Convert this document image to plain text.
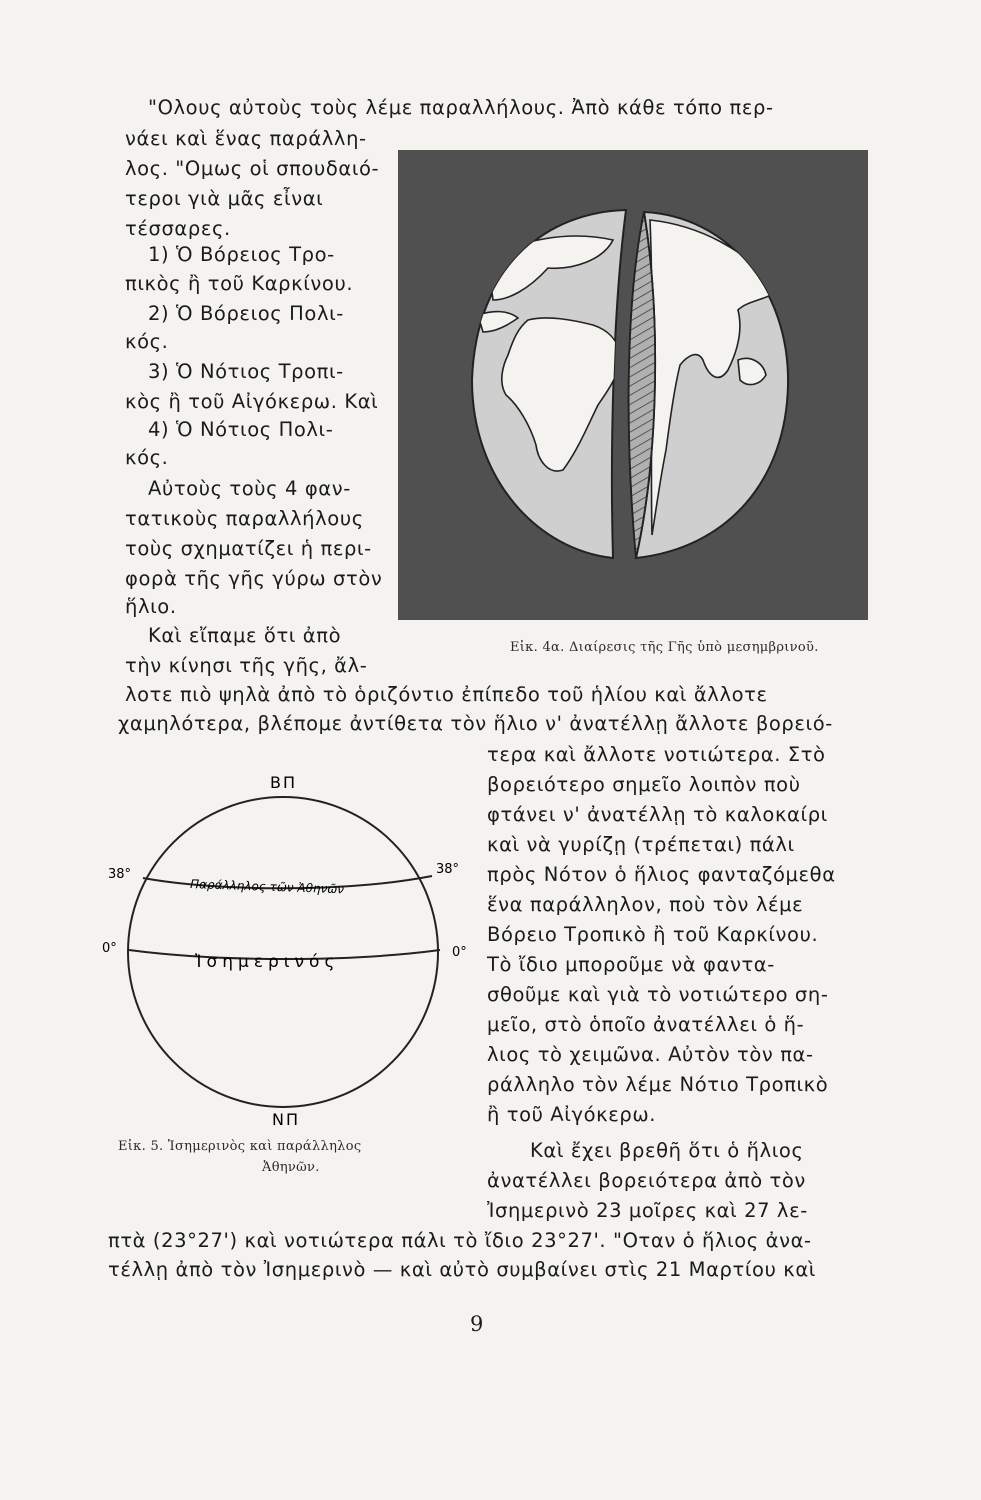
"Ολους αὐτοὺς τοὺς λέμε παραλλήλους. Ἀπὸ κάθε τόπο περ-
νάει καὶ ἕνας παράλλη-
λος. "Ομως οἱ σπουδαιό-
τεροι γιὰ μᾶς εἶναι
τέσσαρες.
1) Ὁ Βόρειος Τρο-
πικὸς ἢ τοῦ Καρκίνου.
2) Ὁ Βόρειος Πολι-
κός.
3) Ὁ Νότιος Τροπι-
κὸς ἢ τοῦ Αἰγόκερω. Καὶ
4) Ὁ Νότιος Πολι-
κός.
Αὐτοὺς τοὺς 4 φαν-
τατικοὺς παραλλήλους
τοὺς σχηματίζει ἡ περι-
φορὰ τῆς γῆς γύρω στὸν
ἥλιο.
Καὶ εἴπαμε ὅτι ἀπὸ
τὴν κίνησι τῆς γῆς, ἄλ-
Εἰκ. 4α. Διαίρεσις τῆς Γῆς ὑπὸ μεσημβρινοῦ.
λοτε πιὸ ψηλὰ ἀπὸ τὸ ὁριζόντιο ἐπίπεδο τοῦ ἡλίου καὶ ἄλλοτε
χαμηλότερα, βλέπομε ἀντίθετα τὸν ἥλιο ν' ἀνατέλλῃ ἄλλοτε βορειό-
τερα καὶ ἄλλοτε νοτιώτερα. Στὸ
βορειότερο σημεῖο λοιπὸν ποὺ
φτάνει ν' ἀνατέλλῃ τὸ καλοκαίρι
καὶ νὰ γυρίζῃ (τρέπεται) πάλι
πρὸς Νότον ὁ ἥλιος φανταζόμεθα
ἕνα παράλληλον, ποὺ τὸν λέμε
Βόρειο Τροπικὸ ἢ τοῦ Καρκίνου.
Τὸ ἴδιο μποροῦμε νὰ φαντα-
σθοῦμε καὶ γιὰ τὸ νοτιώτερο ση-
μεῖο, στὸ ὁποῖο ἀνατέλλει ὁ ἥ-
λιος τὸ χειμῶνα. Αὐτὸν τὸν πα-
ράλληλο τὸν λέμε Νότιο Τροπικὸ
ἢ τοῦ Αἰγόκερω.
Καὶ ἔχει βρεθῆ ὅτι ὁ ἥλιος
ἀνατέλλει βορειότερα ἀπὸ τὸν
Ἰσημερινὸ 23 μοῖρες καὶ 27 λε-
ΒΠ
ΝΠ
38°	38°
0°	0°
Παράλληλος τῶν Ἀθηνῶν
Ἰσημερινός
Εἰκ. 5. Ἰσημερινὸς καὶ παράλληλος
Ἀθηνῶν.
πτὰ (23°27') καὶ νοτιώτερα πάλι τὸ ἴδιο 23°27'. "Οταν ὁ ἥλιος ἀνα-
τέλλῃ ἀπὸ τὸν Ἰσημερινὸ — καὶ αὐτὸ συμβαίνει στὶς 21 Μαρτίου καὶ
9
